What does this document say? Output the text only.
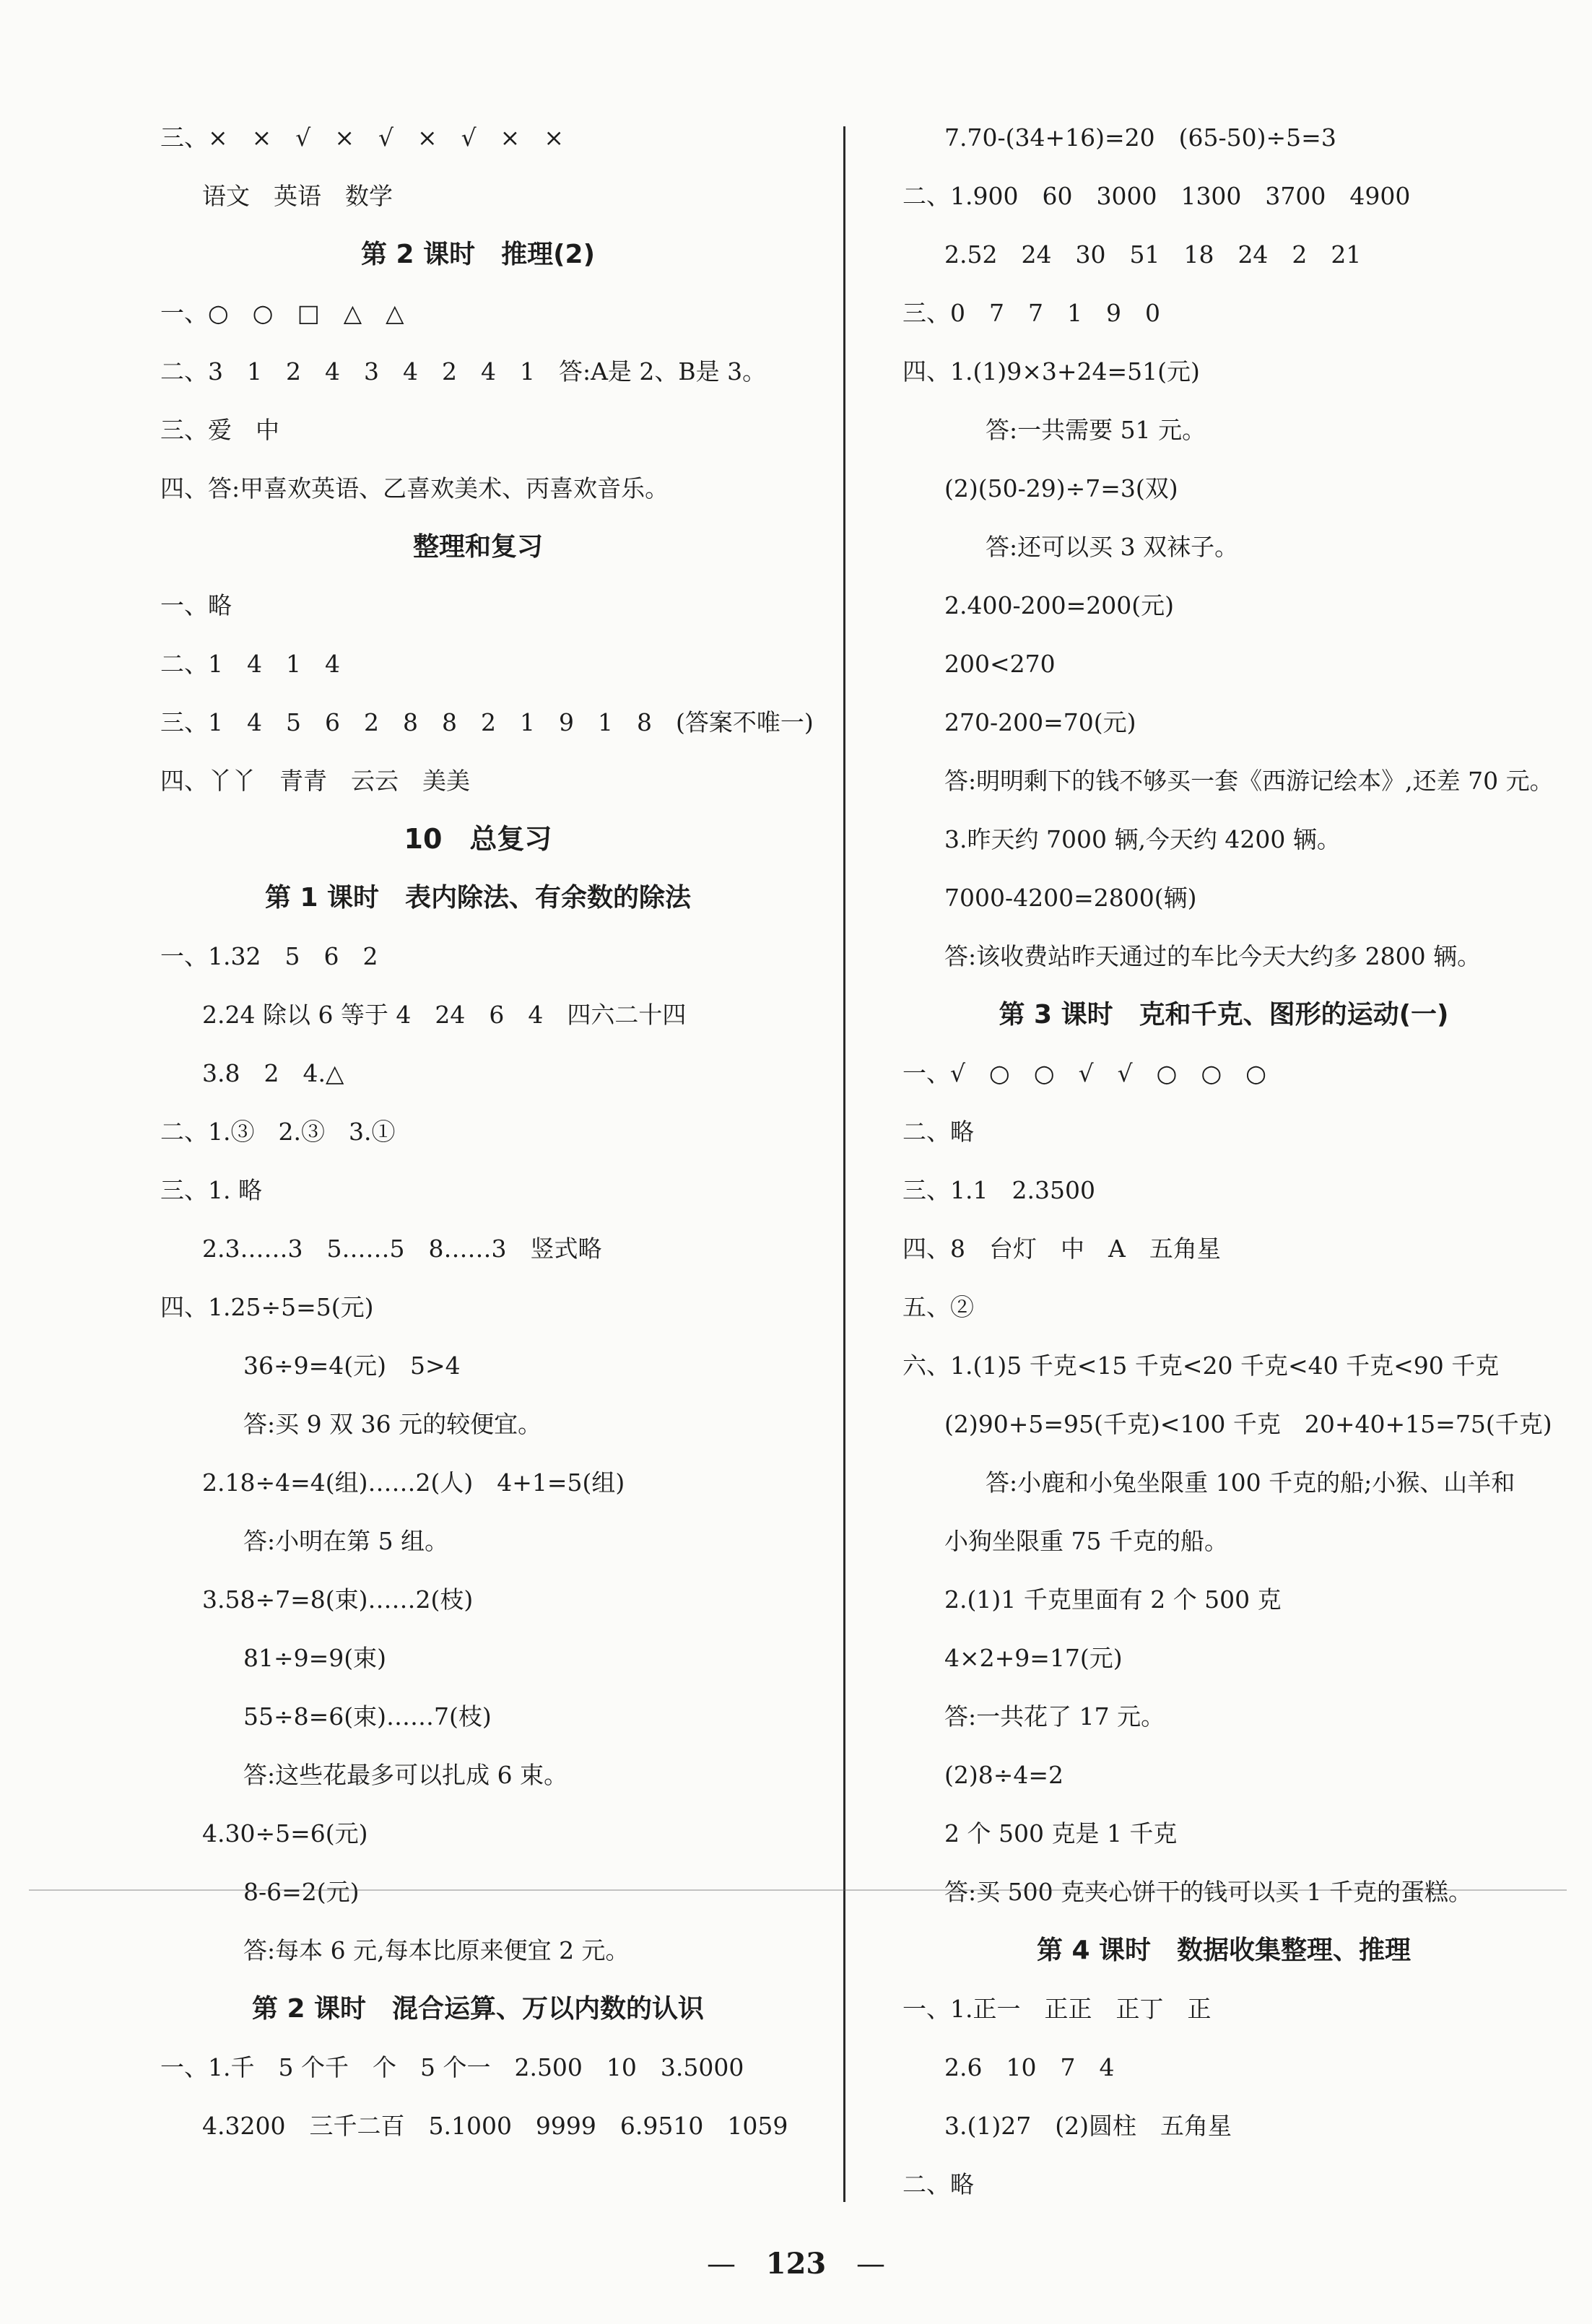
三、×　×　√　×　√　×　√　×　×
语文　英语　数学
第 2 课时　推理(2)
一、○　○　□　△　△
二、3　1　2　4　3　4　2　4　1　答:A是 2、B是 3。
三、爱　中
四、答:甲喜欢英语、乙喜欢美术、丙喜欢音乐。
整理和复习
一、略
二、1　4　1　4
三、1　4　5　6　2　8　8　2　1　9　1　8　(答案不唯一)
四、丫丫　青青　云云　美美
10　总复习
第 1 课时　表内除法、有余数的除法
一、1.32　5　6　2
2.24 除以 6 等于 4　24　6　4　四六二十四
3.8　2　4.△
二、1.③　2.③　3.①
三、1. 略
2.3……3　5……5　8……3　竖式略
四、1.25÷5=5(元)
36÷9=4(元)　5>4
答:买 9 双 36 元的较便宜。
2.18÷4=4(组)……2(人)　4+1=5(组)
答:小明在第 5 组。
3.58÷7=8(束)……2(枝)
81÷9=9(束)
55÷8=6(束)……7(枝)
答:这些花最多可以扎成 6 束。
4.30÷5=6(元)
8-6=2(元)
答:每本 6 元,每本比原来便宜 2 元。
第 2 课时　混合运算、万以内数的认识
一、1.千　5 个千　个　5 个一　2.500　10　3.5000
4.3200　三千二百　5.1000　9999　6.9510　1059
7.70-(34+16)=20　(65-50)÷5=3
二、1.900　60　3000　1300　3700　4900
2.52　24　30　51　18　24　2　21
三、0　7　7　1　9　0
四、1.(1)9×3+24=51(元)
答:一共需要 51 元。
(2)(50-29)÷7=3(双)
答:还可以买 3 双袜子。
2.400-200=200(元)
200<270
270-200=70(元)
答:明明剩下的钱不够买一套《西游记绘本》,还差 70 元。
3.昨天约 7000 辆,今天约 4200 辆。
7000-4200=2800(辆)
答:该收费站昨天通过的车比今天大约多 2800 辆。
第 3 课时　克和千克、图形的运动(一)
一、√　○　○　√　√　○　○　○
二、略
三、1.1　2.3500
四、8　台灯　中　A　五角星
五、②
六、1.(1)5 千克<15 千克<20 千克<40 千克<90 千克
(2)90+5=95(千克)<100 千克　20+40+15=75(千克)
答:小鹿和小兔坐限重 100 千克的船;小猴、山羊和
小狗坐限重 75 千克的船。
2.(1)1 千克里面有 2 个 500 克
4×2+9=17(元)
答:一共花了 17 元。
(2)8÷4=2
2 个 500 克是 1 千克
答:买 500 克夹心饼干的钱可以买 1 千克的蛋糕。
第 4 课时　数据收集整理、推理
一、1.正一　正正　正丁　正
2.6　10　7　4
3.(1)27　(2)圆柱　五角星
二、略
— 123 —
